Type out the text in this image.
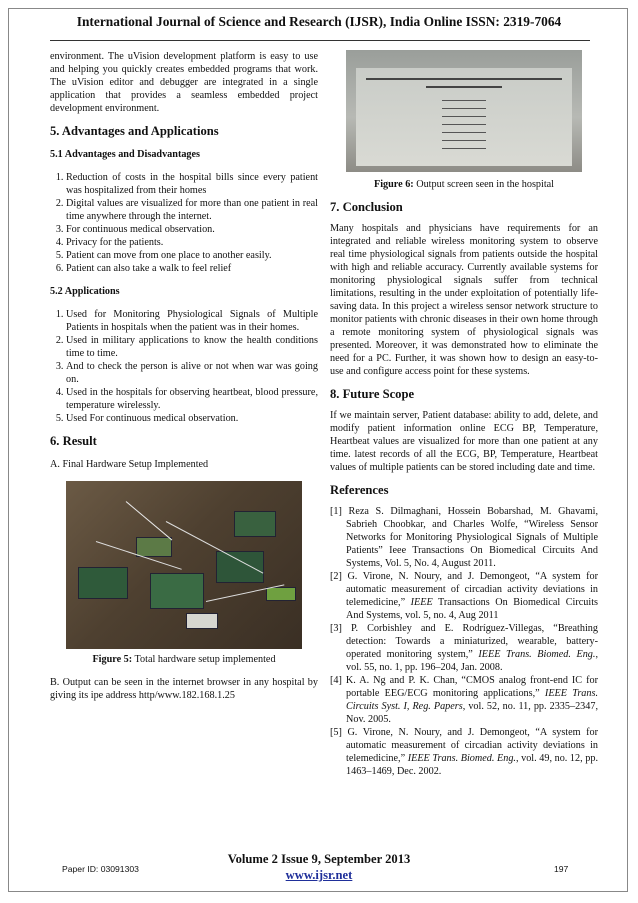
International Journal of Science and Research (IJSR), India Online ISSN: 2319-7064

environment. The uVision development platform is easy to use and helping you quickly creates embedded programs that work. The uVision editor and debugger are integrated in a single application that provides a seamless embedded project development environment.

5. Advantages and Applications
5.1 Advantages and Disadvantages
1. Reduction of costs in the hospital bills since every patient was hospitalized from their homes
2. Digital values are visualized for more than one patient in real time anywhere through the internet.
3. For continuous medical observation.
4. Privacy for the patients.
5. Patient can move from one place to another easily.
6. Patient can also take a walk to feel relief
5.2 Applications
1. Used for Monitoring Physiological Signals of Multiple Patients in hospitals when the patient was in their homes.
2. Used in military applications to know the health conditions time to time.
3. And to check the person is alive or not when war was going on.
4. Used in the hospitals for observing heartbeat, blood pressure, temperature wirelessly.
5. Used For continuous medical observation.
6. Result

A. Final Hardware Setup Implemented

Figure 5: Total hardware setup implemented

B. Output can be seen in the internet browser in any hospital by giving its ipe address http/www.182.168.1.25

Figure 6: Output screen seen in the hospital
7. Conclusion

Many hospitals and physicians have requirements for an integrated and reliable wireless monitoring system to observe real time physiological signals from patients outside the hospital with high and reliable accuracy. Currently available systems for monitoring physiological signals suffer from technical limitations, resulting in the under exploitation of potentially life-saving data. In this project a wireless sensor network structure to monitor patients with chronic diseases in their own home through a remote monitoring system of physiological signals was presented. Moreover, it was demonstrated how to eliminate the need for a PC. Further, it was shown how to design an easy-to-use and configure access point for these systems.

8. Future Scope

If we maintain server, Patient database: ability to add, delete, and modify patient information online ECG BP, Temperature, Heartbeat values are visualized for more than one patient at any time. latest records of all the ECG, BP, Temperature, Heartbeat values of multiple patients can be stored including date and time.

References
[1] Reza S. Dilmaghani, Hossein Bobarshad, M. Ghavami, Sabrieh Choobkar, and Charles Wolfe, “Wireless Sensor Networks for Monitoring Physiological Signals of Multiple Patients” Ieee Transactions On Biomedical Circuits And Systems, Vol. 5, No. 4, August 2011.
[2] G. Virone, N. Noury, and J. Demongeot, “A system for automatic measurement of circadian activity deviations in telemedicine,” IEEE Transactions On Biomedical Circuits And Systems, vol. 5, no. 4, Aug 2011
[3] P. Corbishley and E. Rodríguez-Villegas, “Breathing detection: Towards a miniaturized, wearable, battery-operated monitoring system,” IEEE Trans. Biomed. Eng., vol. 55, no. 1, pp. 196–204, Jan. 2008.
[4] K. A. Ng and P. K. Chan, “CMOS analog front-end IC for portable EEG/ECG monitoring applications,” IEEE Trans. Circuits Syst. I, Reg. Papers, vol. 52, no. 11, pp. 2335–2347, Nov. 2005.
[5] G. Virone, N. Noury, and J. Demongeot, “A system for automatic measurement of circadian activity deviations in telemedicine,” IEEE Trans. Biomed. Eng., vol. 49, no. 12, pp. 1463–1469, Dec. 2002.
Volume 2 Issue 9, September 2013
www.ijsr.net
Paper ID: 03091303	197
